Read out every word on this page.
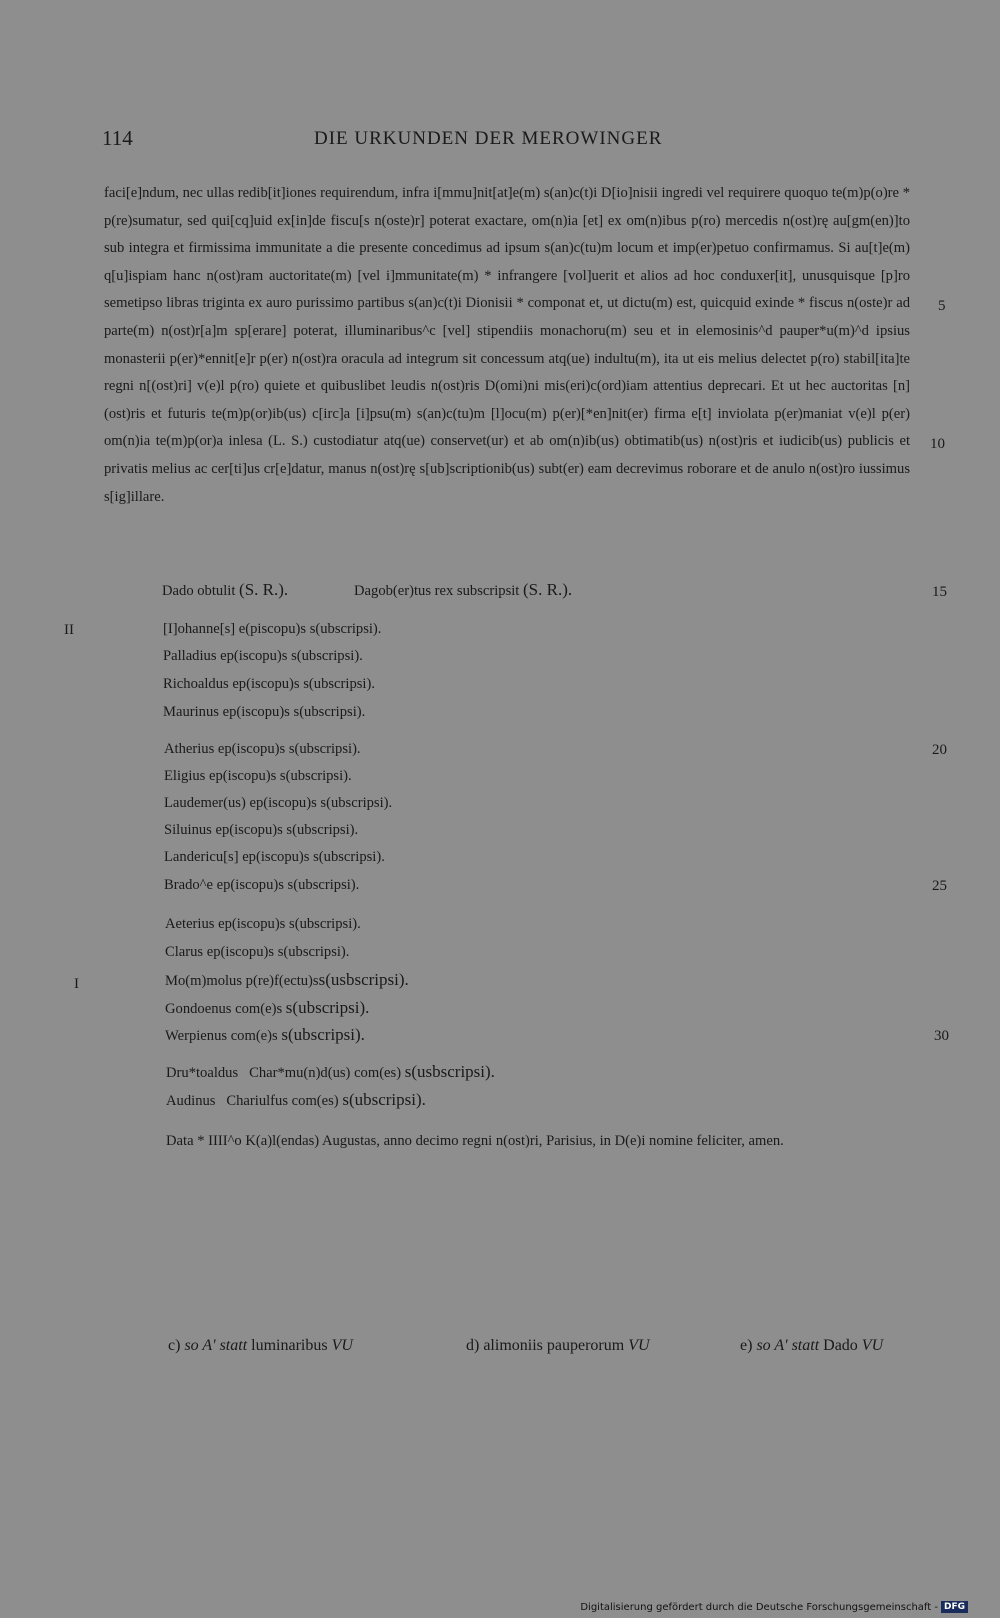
114	DIE URKUNDEN DER MEROWINGER

faci[e]ndum, nec ullas redib[it]iones requirendum, infra i[mmu]nit[at]e(m) s(an)c(t)i D[io]nisii ingredi vel requirere quoquo te(m)p(o)re * p(re)sumatur, sed qui[cq]uid ex[in]de fiscu[s n(oste)r] poterat exactare, om(n)ia [et] ex om(n)ibus p(ro) mercedis n(ost)rę au[gm(en)]to sub integra et firmissima immunitate a die presente concedimus ad ipsum s(an)c(tu)m locum et imp(er)petuo confirmamus. Si au[t]e(m) q[u]ispiam hanc n(ost)ram auctoritate(m) [vel i]mmunitate(m) * infrangere [vol]uerit et alios ad hoc conduxer[it], unusquisque [p]ro semetipso libras triginta ex auro purissimo partibus s(an)c(t)i Dionisii * componat et, ut dictu(m) est, quicquid exinde * fiscus n(oste)r ad parte(m) n(ost)r[a]m sp[erare] poterat, illuminaribus^c [vel] stipendiis monachoru(m) seu et in elemosinis^d pauper*u(m)^d ipsius monasterii p(er)*ennit[e]r p(er) n(ost)ra oracula ad integrum sit concessum atq(ue) indultu(m), ita ut eis melius delectet p(ro) stabil[ita]te regni n[(ost)ri] v(e)l p(ro) quiete et quibuslibet leudis n(ost)ris D(omi)ni mis(eri)c(ord)iam attentius deprecari. Et ut hec auctoritas [n](ost)ris et futuris te(m)p(or)ib(us) c[irc]a [i]psu(m) s(an)c(tu)m [l]ocu(m) p(er)[*en]nit(er) firma e[t] inviolata p(er)maniat v(e)l p(er) om(n)ia te(m)p(or)a inlesa (L. S.) custodiatur atq(ue) conservet(ur) et ab om(n)ib(us) obtimatib(us) n(ost)ris et iudicib(us) publicis et privatis melius ac cer[ti]us cr[e]datur, manus n(ost)rę s[ub]scriptionib(us) subt(er) eam decrevimus roborare et de anulo n(ost)ro iussimus s[ig]illare.

5
10
15
20
25
30
II
I
Dado obtulit (S. R.).	Dagob(er)tus rex subscripsit (S. R.).
[I]ohanne[s] e(piscopu)s s(ubscripsi).
Palladius ep(iscopu)s s(ubscripsi).
Richoaldus ep(iscopu)s s(ubscripsi).
Maurinus ep(iscopu)s s(ubscripsi).
Atherius ep(iscopu)s s(ubscripsi).
Eligius ep(iscopu)s s(ubscripsi).
Laudemer(us) ep(iscopu)s s(ubscripsi).
Siluinus ep(iscopu)s s(ubscripsi).
Landericu[s] ep(iscopu)s s(ubscripsi).
Brado^e ep(iscopu)s s(ubscripsi).
Aeterius ep(iscopu)s s(ubscripsi).
Clarus ep(iscopu)s s(ubscripsi).
Mo(m)molus p(re)f(ectu)ss(usbscripsi).
Gondoenus com(e)s s(ubscripsi).
Werpienus com(e)s s(ubscripsi).
Dru*toaldus   Char*mu(n)d(us) com(es) s(usbscripsi).
Audinus   Chariulfus com(es) s(ubscripsi).
Data * IIII^o K(a)l(endas) Augustas, anno decimo regni n(ost)ri, Parisius, in D(e)i nomine feliciter, amen.
c) so A' statt luminaribus VU	d) alimoniis pauperorum VU	e) so A' statt Dado VU
Digitalisierung gefördert durch die Deutsche Forschungsgemeinschaft - DFG
